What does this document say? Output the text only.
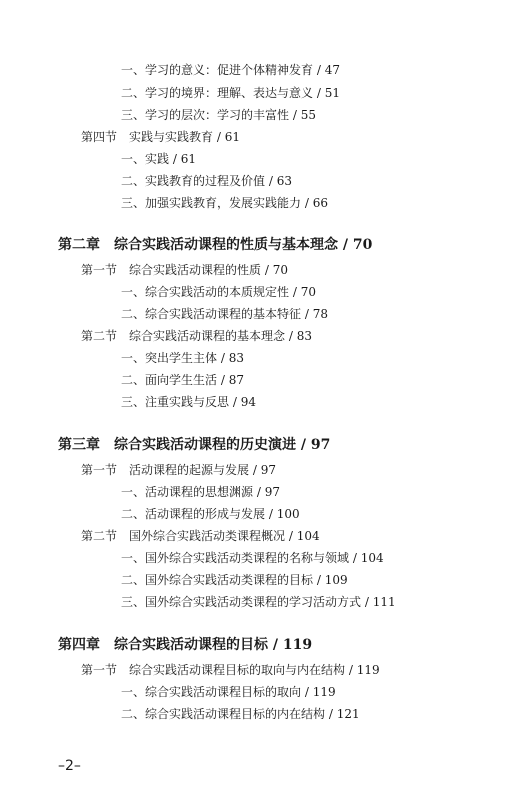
一、学习的意义：促进个体精神发育 / 47
二、学习的境界：理解、表达与意义 / 51
三、学习的层次：学习的丰富性 / 55
第四节　实践与实践教育 / 61
一、实践 / 61
二、实践教育的过程及价值 / 63
三、加强实践教育，发展实践能力 / 66
第二章　综合实践活动课程的性质与基本理念 / 70
第一节　综合实践活动课程的性质 / 70
一、综合实践活动的本质规定性 / 70
二、综合实践活动课程的基本特征 / 78
第二节　综合实践活动课程的基本理念 / 83
一、突出学生主体 / 83
二、面向学生生活 / 87
三、注重实践与反思 / 94
第三章　综合实践活动课程的历史演进 / 97
第一节　活动课程的起源与发展 / 97
一、活动课程的思想渊源 / 97
二、活动课程的形成与发展 / 100
第二节　国外综合实践活动类课程概况 / 104
一、国外综合实践活动类课程的名称与领域 / 104
二、国外综合实践活动类课程的目标 / 109
三、国外综合实践活动类课程的学习活动方式 / 111
第四章　综合实践活动课程的目标 / 119
第一节　综合实践活动课程目标的取向与内在结构 / 119
一、综合实践活动课程目标的取向 / 119
二、综合实践活动课程目标的内在结构 / 121
–2–
